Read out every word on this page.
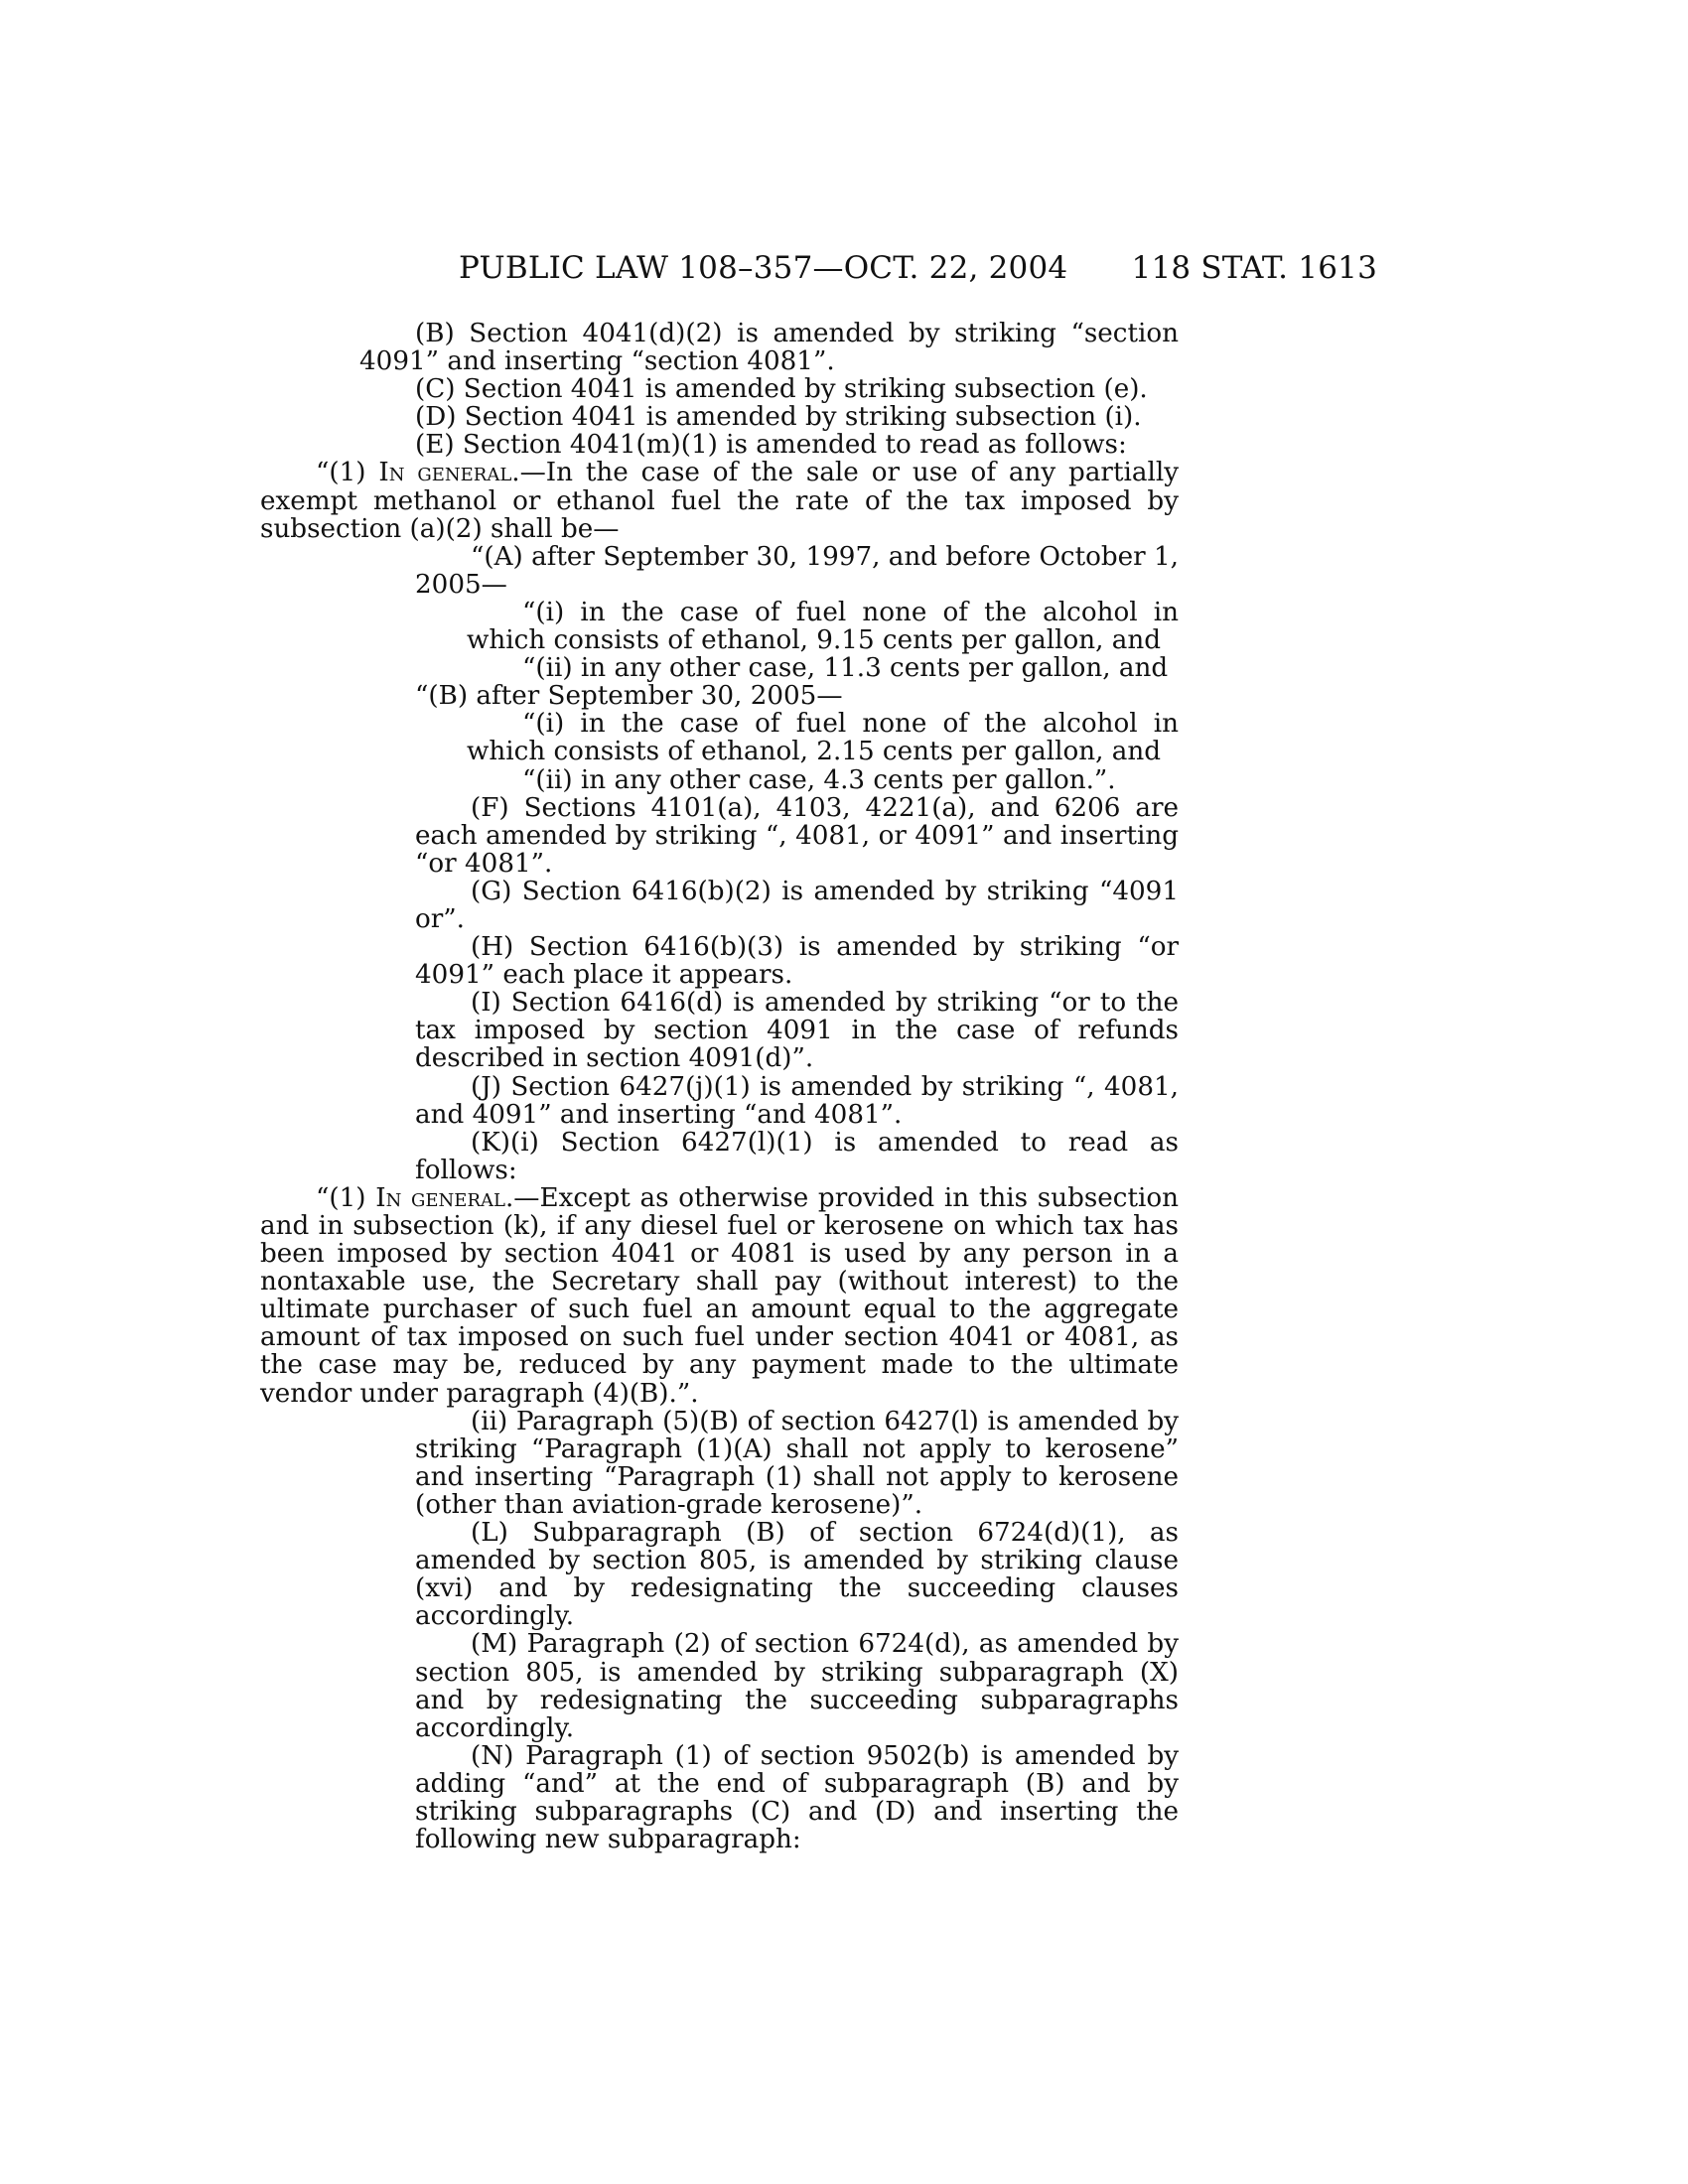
PUBLIC LAW 108–357—OCT. 22, 2004 118 STAT. 1613

(B) Section 4041(d)(2) is amended by striking “section 4091” and inserting “section 4081”.

(C) Section 4041 is amended by striking subsection (e).

(D) Section 4041 is amended by striking subsection (i).

(E) Section 4041(m)(1) is amended to read as follows:

“(1) In general.—In the case of the sale or use of any partially exempt methanol or ethanol fuel the rate of the tax imposed by subsection (a)(2) shall be—

“(A) after September 30, 1997, and before October 1, 2005—

“(i) in the case of fuel none of the alcohol in which consists of ethanol, 9.15 cents per gallon, and

“(ii) in any other case, 11.3 cents per gallon, and

“(B) after September 30, 2005—

“(i) in the case of fuel none of the alcohol in which consists of ethanol, 2.15 cents per gallon, and

“(ii) in any other case, 4.3 cents per gallon.”.

(F) Sections 4101(a), 4103, 4221(a), and 6206 are each amended by striking “, 4081, or 4091” and inserting “or 4081”.

(G) Section 6416(b)(2) is amended by striking “4091 or”.

(H) Section 6416(b)(3) is amended by striking “or 4091” each place it appears.

(I) Section 6416(d) is amended by striking “or to the tax imposed by section 4091 in the case of refunds described in section 4091(d)”.

(J) Section 6427(j)(1) is amended by striking “, 4081, and 4091” and inserting “and 4081”.

(K)(i) Section 6427(l)(1) is amended to read as follows:

“(1) In general.—Except as otherwise provided in this subsection and in subsection (k), if any diesel fuel or kerosene on which tax has been imposed by section 4041 or 4081 is used by any person in a nontaxable use, the Secretary shall pay (without interest) to the ultimate purchaser of such fuel an amount equal to the aggregate amount of tax imposed on such fuel under section 4041 or 4081, as the case may be, reduced by any payment made to the ultimate vendor under paragraph (4)(B).”.

(ii) Paragraph (5)(B) of section 6427(l) is amended by striking “Paragraph (1)(A) shall not apply to kerosene” and inserting “Paragraph (1) shall not apply to kerosene (other than aviation-grade kerosene)”.

(L) Subparagraph (B) of section 6724(d)(1), as amended by section 805, is amended by striking clause (xvi) and by redesignating the succeeding clauses accordingly.

(M) Paragraph (2) of section 6724(d), as amended by section 805, is amended by striking subparagraph (X) and by redesignating the succeeding subparagraphs accordingly.

(N) Paragraph (1) of section 9502(b) is amended by adding “and” at the end of subparagraph (B) and by striking subparagraphs (C) and (D) and inserting the following new subparagraph:
